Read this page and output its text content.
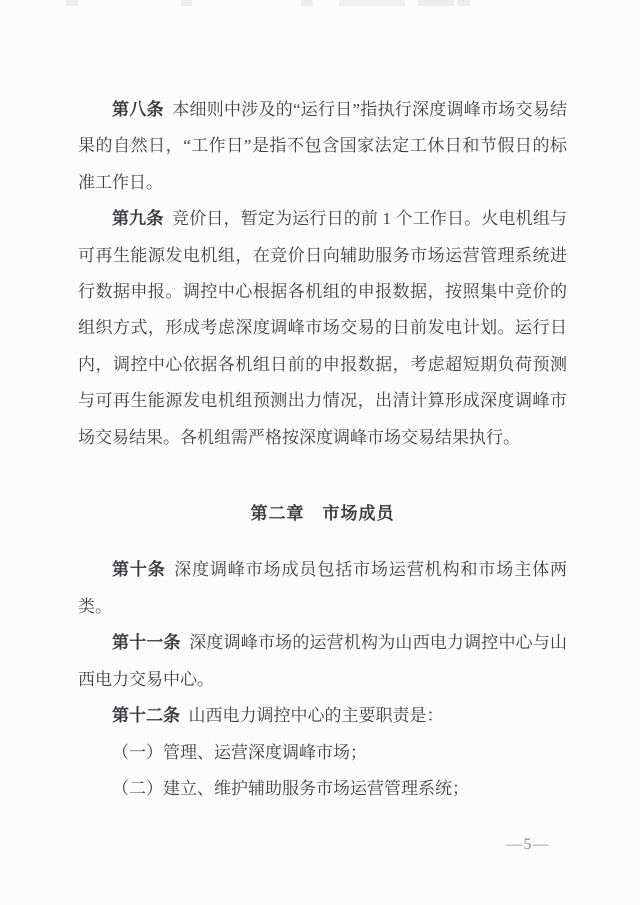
第八条 本细则中涉及的“运行日”指执行深度调峰市场交易结果的自然日，“工作日”是指不包含国家法定工休日和节假日的标准工作日。

第九条 竞价日，暂定为运行日的前 1 个工作日。火电机组与可再生能源发电机组，在竞价日向辅助服务市场运营管理系统进行数据申报。调控中心根据各机组的申报数据，按照集中竞价的组织方式，形成考虑深度调峰市场交易的日前发电计划。运行日内，调控中心依据各机组日前的申报数据，考虑超短期负荷预测与可再生能源发电机组预测出力情况，出清计算形成深度调峰市场交易结果。各机组需严格按深度调峰市场交易结果执行。

第二章　市场成员

第十条 深度调峰市场成员包括市场运营机构和市场主体两类。

第十一条 深度调峰市场的运营机构为山西电力调控中心与山西电力交易中心。

第十二条 山西电力调控中心的主要职责是：

（一）管理、运营深度调峰市场；

（二）建立、维护辅助服务市场运营管理系统；

—5—
